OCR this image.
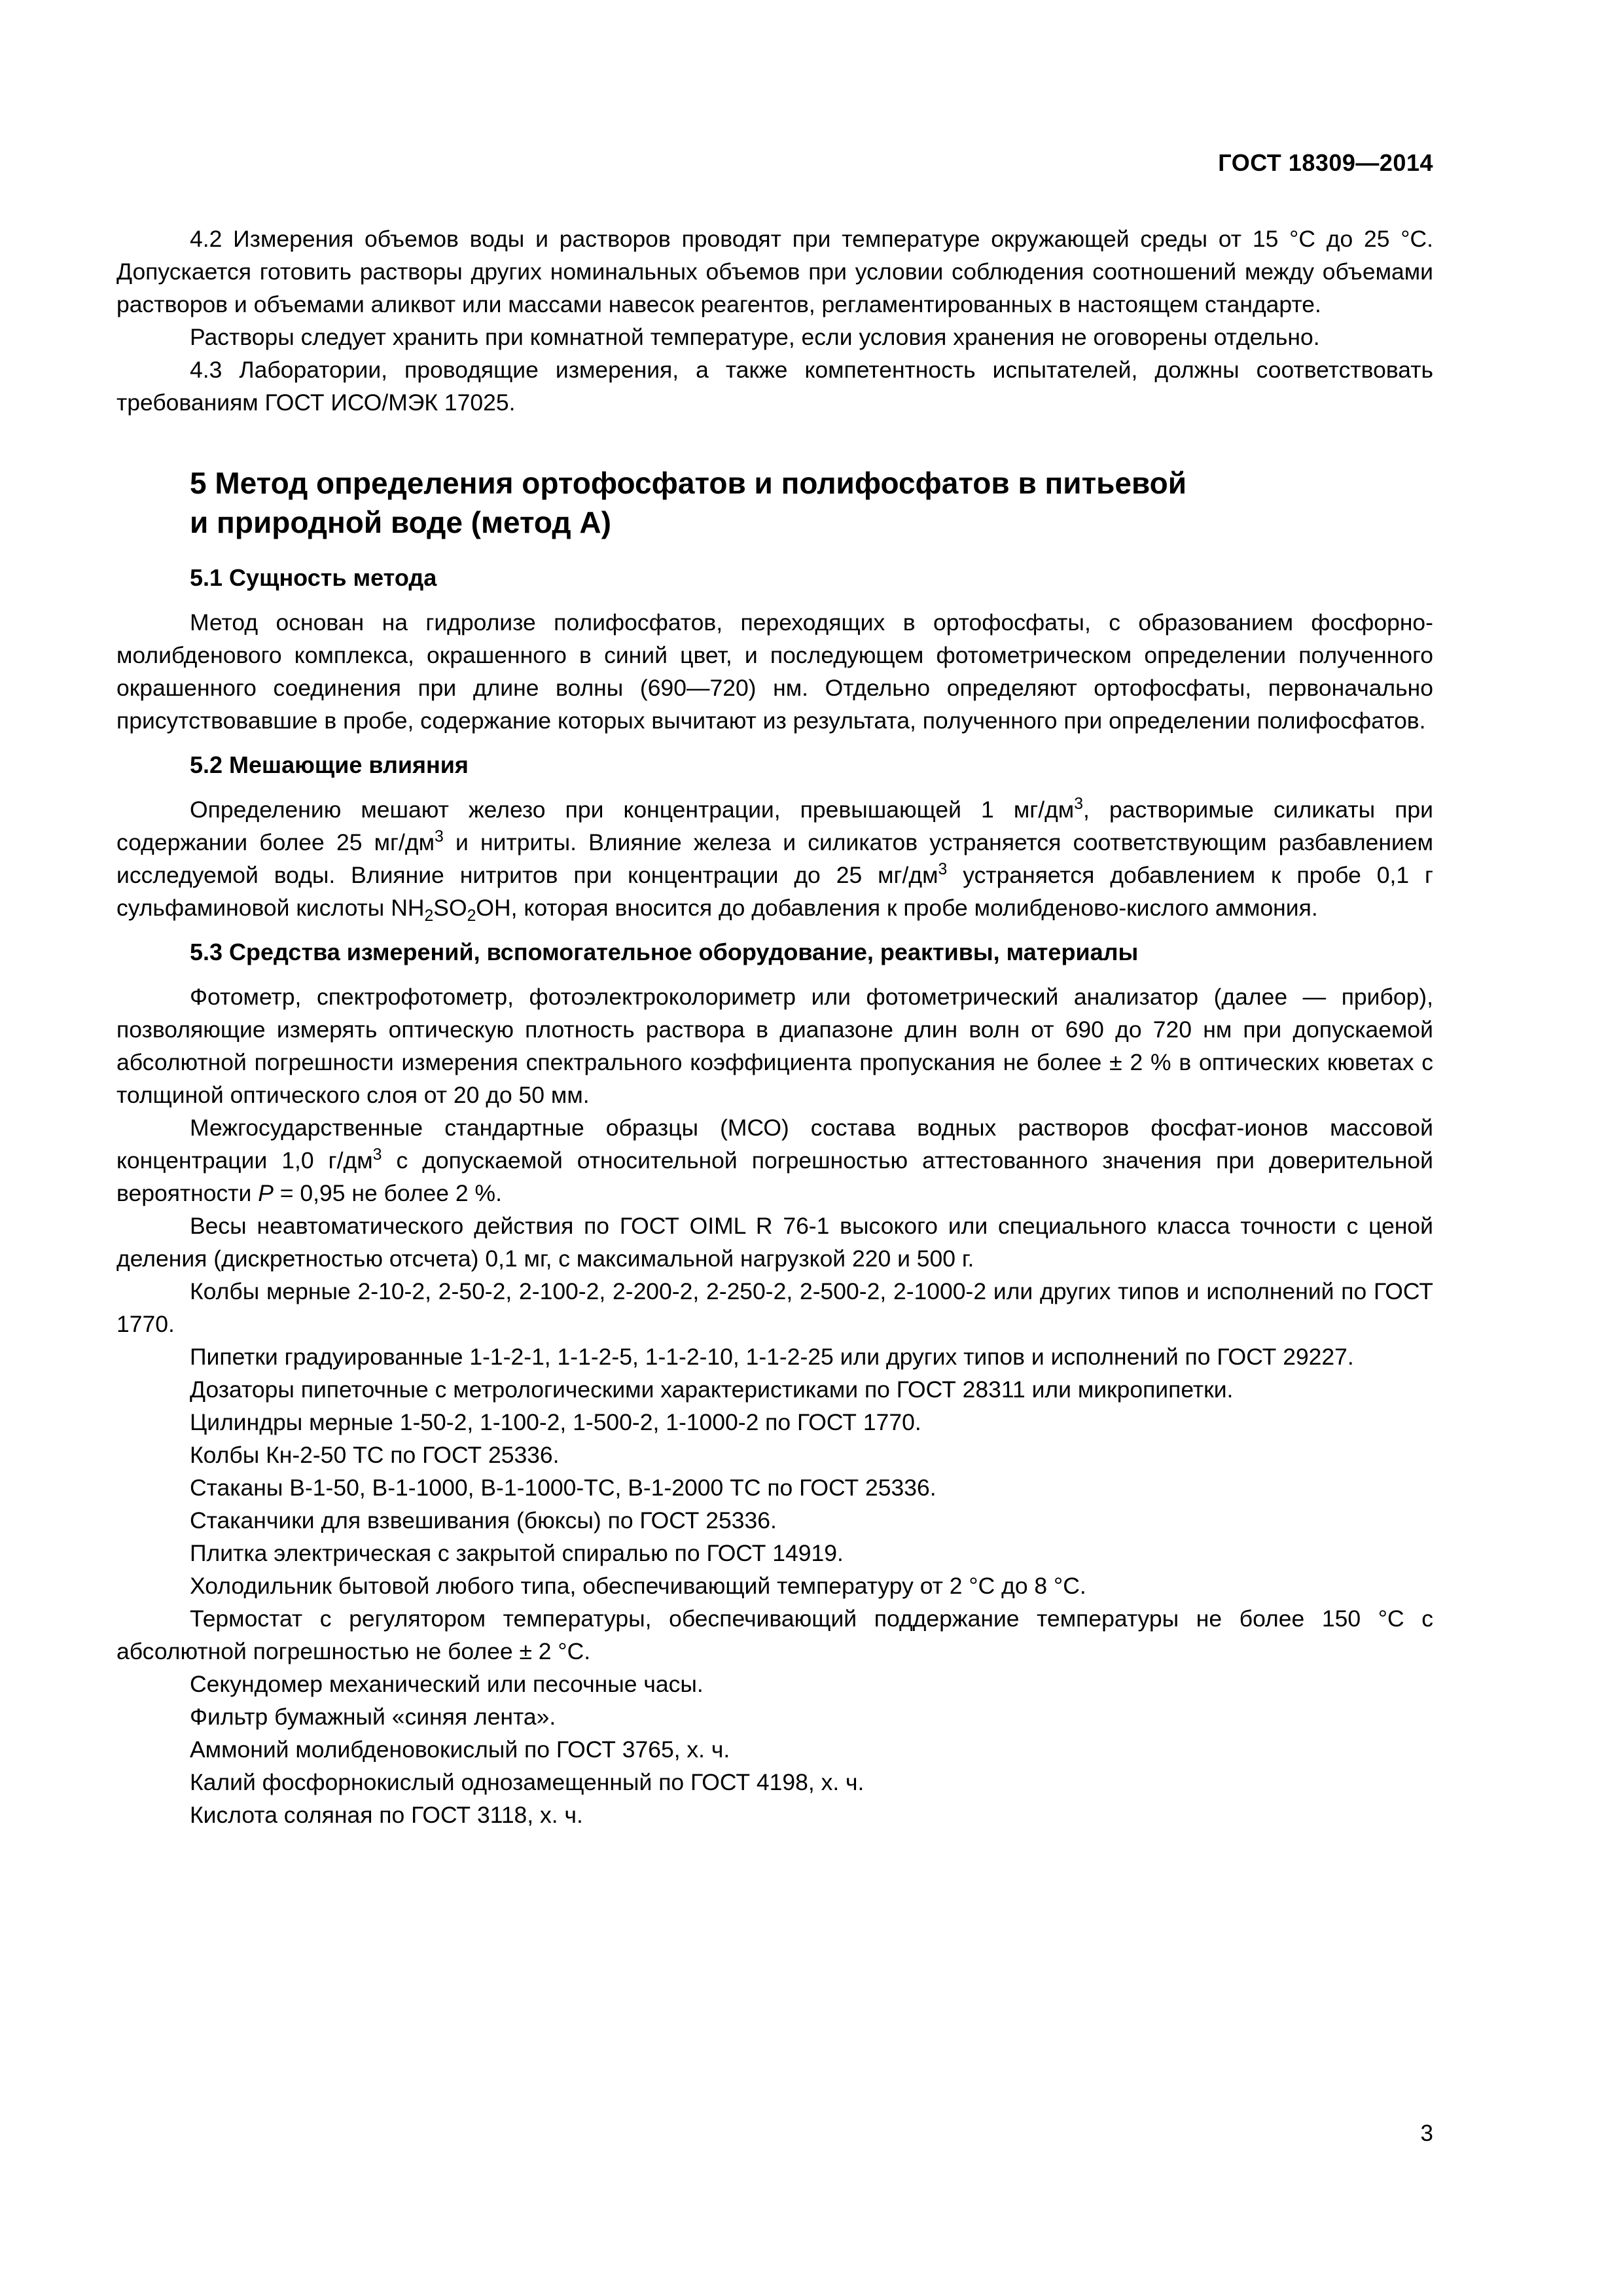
ГОСТ 18309—2014

4.2 Измерения объемов воды и растворов проводят при температуре окружающей среды от 15 °С до 25 °С. Допускается готовить растворы других номинальных объемов при условии соблюдения соотношений между объемами растворов и объемами аликвот или массами навесок реагентов, регламентированных в настоящем стандарте.

Растворы следует хранить при комнатной температуре, если условия хранения не оговорены отдельно.

4.3 Лаборатории, проводящие измерения, а также компетентность испытателей, должны соответствовать требованиям ГОСТ ИСО/МЭК 17025.

5 Метод определения ортофосфатов и полифосфатов в питьевой
и природной воде (метод А)
5.1 Сущность метода

Метод основан на гидролизе полифосфатов, переходящих в ортофосфаты, с образованием фосфорно-молибденового комплекса, окрашенного в синий цвет, и последующем фотометрическом определении полученного окрашенного соединения при длине волны (690—720) нм. Отдельно определяют ортофосфаты, первоначально присутствовавшие в пробе, содержание которых вычитают из результата, полученного при определении полифосфатов.

5.2 Мешающие влияния

Определению мешают железо при концентрации, превышающей 1 $мг/дм^3$, растворимые силикаты при содержании более 25 $мг/дм^3$ и нитриты. Влияние железа и силикатов устраняется соответствующим разбавлением исследуемой воды. Влияние нитритов при концентрации до 25 $мг/дм^3$ устраняется добавлением к пробе 0,1 г сульфаминовой кислоты $NH_2SO_2OH$, которая вносится до добавления к пробе молибденово-кислого аммония.

5.3 Средства измерений, вспомогательное оборудование, реактивы, материалы

Фотометр, спектрофотометр, фотоэлектроколориметр или фотометрический анализатор (далее — прибор), позволяющие измерять оптическую плотность раствора в диапазоне длин волн от 690 до 720 нм при допускаемой абсолютной погрешности измерения спектрального коэффициента пропускания не более ± 2 % в оптических кюветах с толщиной оптического слоя от 20 до 50 мм.

Межгосударственные стандартные образцы (МСО) состава водных растворов фосфат-ионов массовой концентрации 1,0 $г/дм^3$ с допускаемой относительной погрешностью аттестованного значения при доверительной вероятности Р = 0,95 не более 2 %.

Весы неавтоматического действия по ГОСТ OIML R 76-1 высокого или специального класса точности с ценой деления (дискретностью отсчета) 0,1 мг, с максимальной нагрузкой 220 и 500 г.

Колбы мерные 2-10-2, 2-50-2, 2-100-2, 2-200-2, 2-250-2, 2-500-2, 2-1000-2 или других типов и исполнений по ГОСТ 1770.

Пипетки градуированные 1-1-2-1, 1-1-2-5, 1-1-2-10, 1-1-2-25 или других типов и исполнений по ГОСТ 29227.

Дозаторы пипеточные с метрологическими характеристиками по ГОСТ 28311 или микропипетки.

Цилиндры мерные 1-50-2, 1-100-2, 1-500-2, 1-1000-2 по ГОСТ 1770.

Колбы Кн-2-50 ТС по ГОСТ 25336.

Стаканы В-1-50, В-1-1000, В-1-1000-ТС, В-1-2000 ТС по ГОСТ 25336.

Стаканчики для взвешивания (бюксы) по ГОСТ 25336.

Плитка электрическая с закрытой спиралью по ГОСТ 14919.

Холодильник бытовой любого типа, обеспечивающий температуру от 2 °С до 8 °С.

Термостат с регулятором температуры, обеспечивающий поддержание температуры не более 150 °С с абсолютной погрешностью не более ± 2 °С.

Секундомер механический или песочные часы.

Фильтр бумажный «синяя лента».

Аммоний молибденовокислый по ГОСТ 3765, х. ч.

Калий фосфорнокислый однозамещенный по ГОСТ 4198, х. ч.

Кислота соляная по ГОСТ 3118, х. ч.

3
